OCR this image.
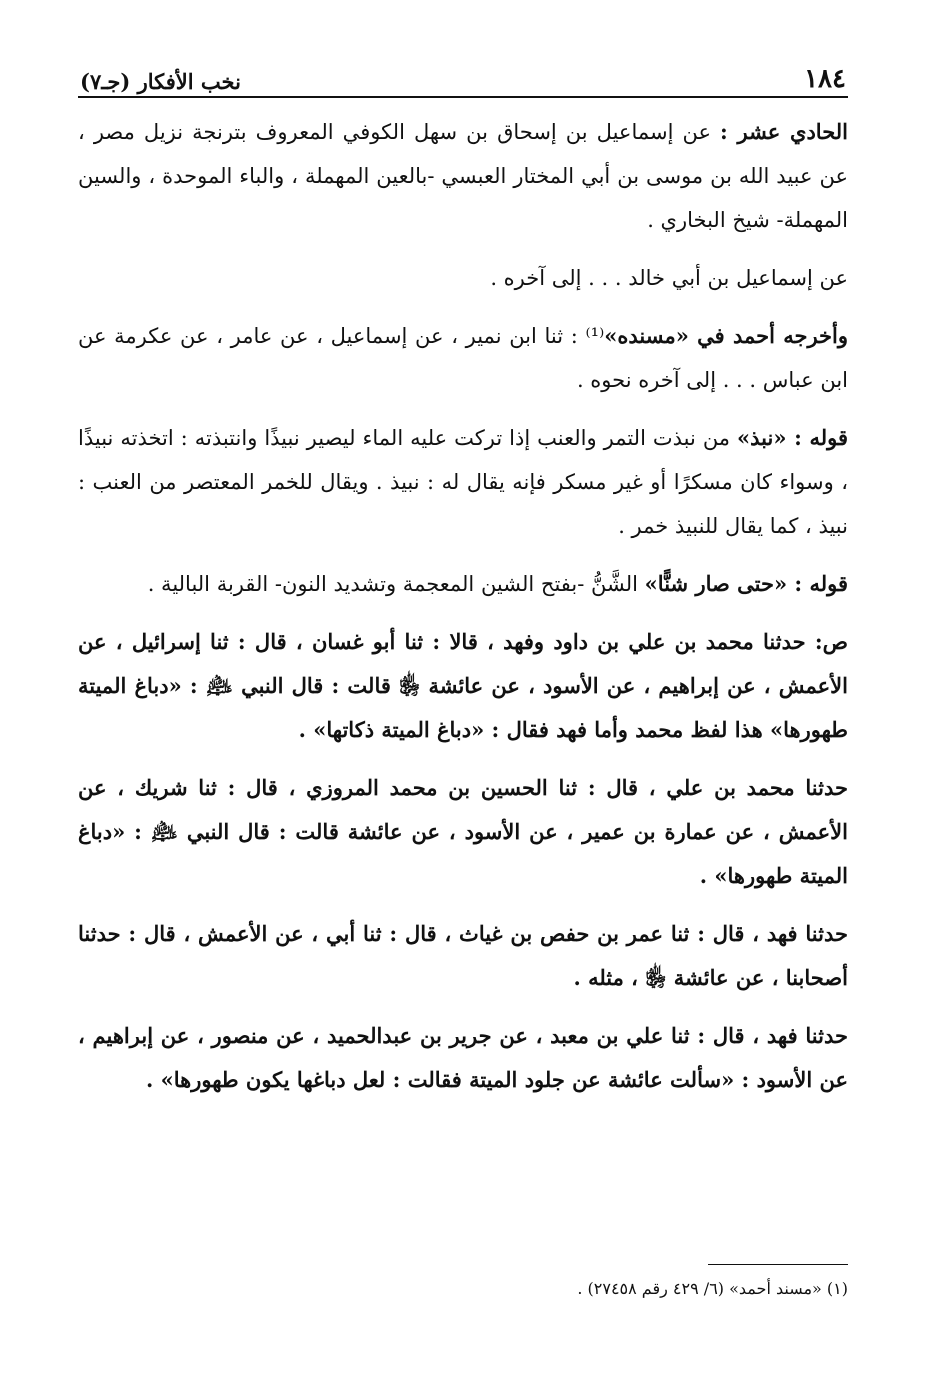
١٨٤
نخب الأفكار (جـ٧)

الحادي عشر : عن إسماعيل بن إسحاق بن سهل الكوفي المعروف بترنجة نزيل مصر ، عن عبيد الله بن موسى بن أبي المختار العبسي -بالعين المهملة ، والباء الموحدة ، والسين المهملة- شيخ البخاري .

عن إسماعيل بن أبي خالد . . . إلى آخره .

وأخرجه أحمد في «مسنده»⁽¹⁾ : ثنا ابن نمير ، عن إسماعيل ، عن عامر ، عن عكرمة عن ابن عباس . . . إلى آخره نحوه .

قوله : «نبذ» من نبذت التمر والعنب إذا تركت عليه الماء ليصير نبيذًا وانتبذته : اتخذته نبيذًا ، وسواء كان مسكرًا أو غير مسكر فإنه يقال له : نبيذ . ويقال للخمر المعتصر من العنب : نبيذ ، كما يقال للنبيذ خمر .

قوله : «حتى صار شنًّا» الشَّنُّ -بفتح الشين المعجمة وتشديد النون- القربة البالية .

ص: حدثنا محمد بن علي بن داود وفهد ، قالا : ثنا أبو غسان ، قال : ثنا إسرائيل ، عن الأعمش ، عن إبراهيم ، عن الأسود ، عن عائشة ﵂ قالت : قال النبي ﵇ : «دباغ الميتة طهورها» هذا لفظ محمد وأما فهد فقال : «دباغ الميتة ذكاتها» .

حدثنا محمد بن علي ، قال : ثنا الحسين بن محمد المروزي ، قال : ثنا شريك ، عن الأعمش ، عن عمارة بن عمير ، عن الأسود ، عن عائشة قالت : قال النبي ﵇ : «دباغ الميتة طهورها» .

حدثنا فهد ، قال : ثنا عمر بن حفص بن غياث ، قال : ثنا أبي ، عن الأعمش ، قال : حدثنا أصحابنا ، عن عائشة ﵂ ، مثله .

حدثنا فهد ، قال : ثنا علي بن معبد ، عن جرير بن عبدالحميد ، عن منصور ، عن إبراهيم ، عن الأسود : «سألت عائشة عن جلود الميتة فقالت : لعل دباغها يكون طهورها» .

(١) «مسند أحمد» (٦/ ٤٢٩ رقم ٢٧٤٥٨) .
